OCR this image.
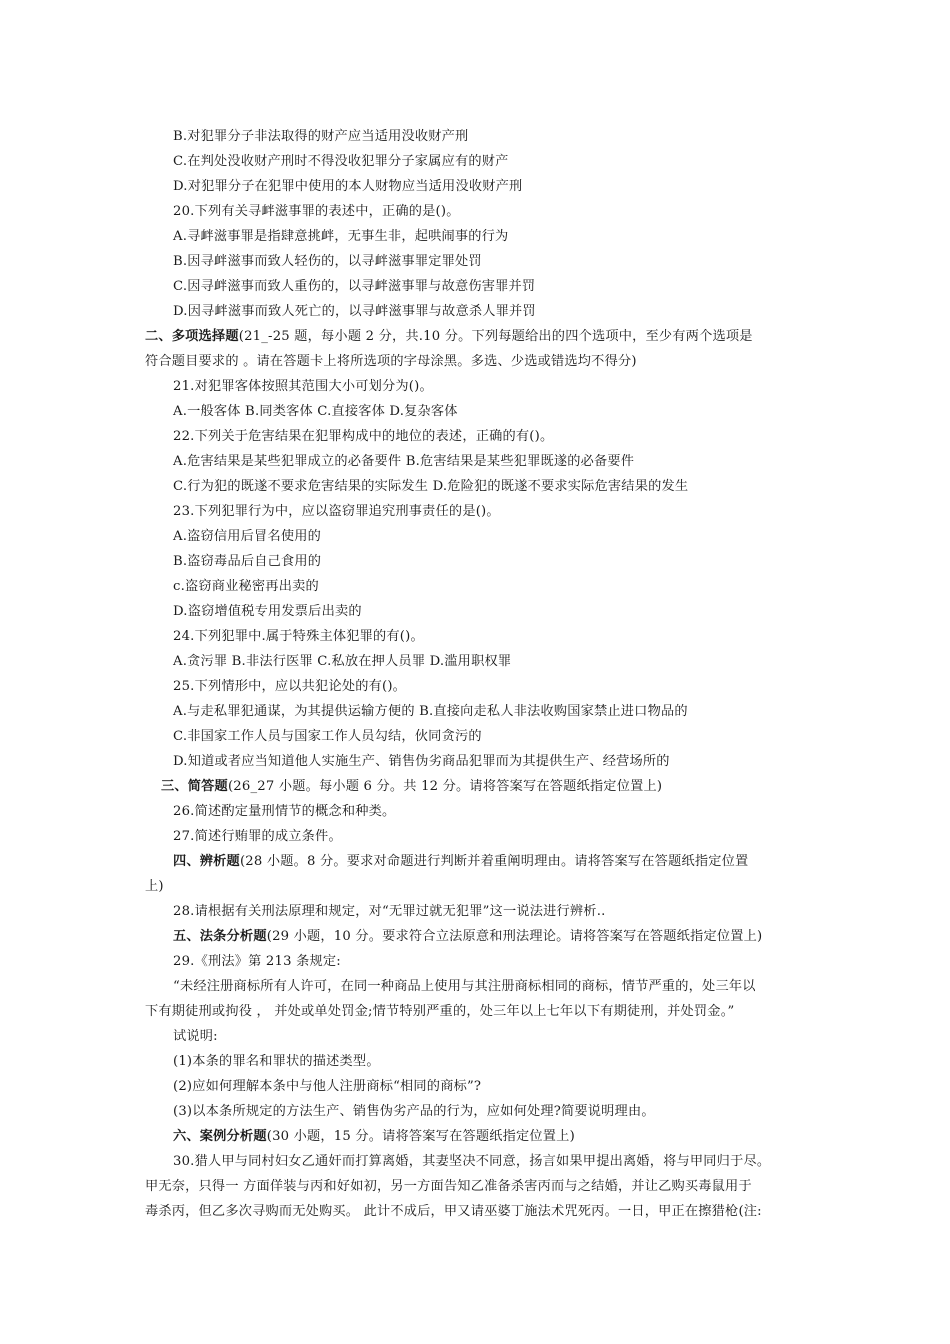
B.对犯罪分子非法取得的财产应当适用没收财产刑
C.在判处没收财产刑时不得没收犯罪分子家属应有的财产
D.对犯罪分子在犯罪中使用的本人财物应当适用没收财产刑
20.下列有关寻衅滋事罪的表述中，正确的是()。
A.寻衅滋事罪是指肆意挑衅，无事生非，起哄闹事的行为
B.因寻衅滋事而致人轻伤的，以寻衅滋事罪定罪处罚
C.因寻衅滋事而致人重伤的，以寻衅滋事罪与故意伤害罪并罚
D.因寻衅滋事而致人死亡的，以寻衅滋事罪与故意杀人罪并罚
二、多项选择题(21_-25 题，每小题 2 分，共.10 分。下列每题给出的四个选项中，至少有两个选项是
符合题目要求的 。请在答题卡上将所选项的字母涂黑。多选、少选或错选均不得分)
21.对犯罪客体按照其范围大小可划分为()。
A.一般客体 B.同类客体 C.直接客体 D.复杂客体
22.下列关于危害结果在犯罪构成中的地位的表述，正确的有()。
A.危害结果是某些犯罪成立的必备要件 B.危害结果是某些犯罪既遂的必备要件
C.行为犯的既遂不要求危害结果的实际发生 D.危险犯的既遂不要求实际危害结果的发生
23.下列犯罪行为中，应以盗窃罪追究刑事责任的是()。
A.盗窃信用后冒名使用的
B.盗窃毒品后自己食用的
c.盗窃商业秘密再出卖的
D.盗窃增值税专用发票后出卖的
24.下列犯罪中.属于特殊主体犯罪的有()。
A.贪污罪 B.非法行医罪 C.私放在押人员罪 D.滥用职权罪
25.下列情形中，应以共犯论处的有()。
A.与走私罪犯通谋，为其提供运输方便的 B.直接向走私人非法收购国家禁止进口物品的
C.非国家工作人员与国家工作人员勾结，伙同贪污的
D.知道或者应当知道他人实施生产、销售伪劣商品犯罪而为其提供生产、经营场所的
三、简答题(26_27 小题。每小题 6 分。共 12 分。请将答案写在答题纸指定位置上)
26.简述酌定量刑情节的概念和种类。
27.简述行贿罪的成立条件。
四、辨析题(28 小题。8 分。要求对命题进行判断并着重阐明理由。请将答案写在答题纸指定位置
上)
28.请根据有关刑法原理和规定，对“无罪过就无犯罪”这一说法进行辨析..
五、法条分析题(29 小题，10 分。要求符合立法原意和刑法理论。请将答案写在答题纸指定位置上)
29.《刑法》第 213 条规定:
“未经注册商标所有人许可，在同一种商品上使用与其注册商标相同的商标，情节严重的，处三年以
下有期徒刑或拘役 ， 并处或单处罚金;情节特别严重的，处三年以上七年以下有期徒刑，并处罚金。”
试说明:
(1)本条的罪名和罪状的描述类型。
(2)应如何理解本条中与他人注册商标“相同的商标”?
(3)以本条所规定的方法生产、销售伪劣产品的行为，应如何处理?简要说明理由。
六、案例分析题(30 小题，15 分。请将答案写在答题纸指定位置上)
30.猎人甲与同村妇女乙通奸而打算离婚，其妻坚决不同意，扬言如果甲提出离婚，将与甲同归于尽。
甲无奈，只得一 方面佯装与丙和好如初，另一方面告知乙准备杀害丙而与之结婚，并让乙购买毒鼠用于
毒杀丙，但乙多次寻购而无处购买。 此计不成后，甲又请巫婆丁施法术咒死丙。一日，甲正在擦猎枪(注:
